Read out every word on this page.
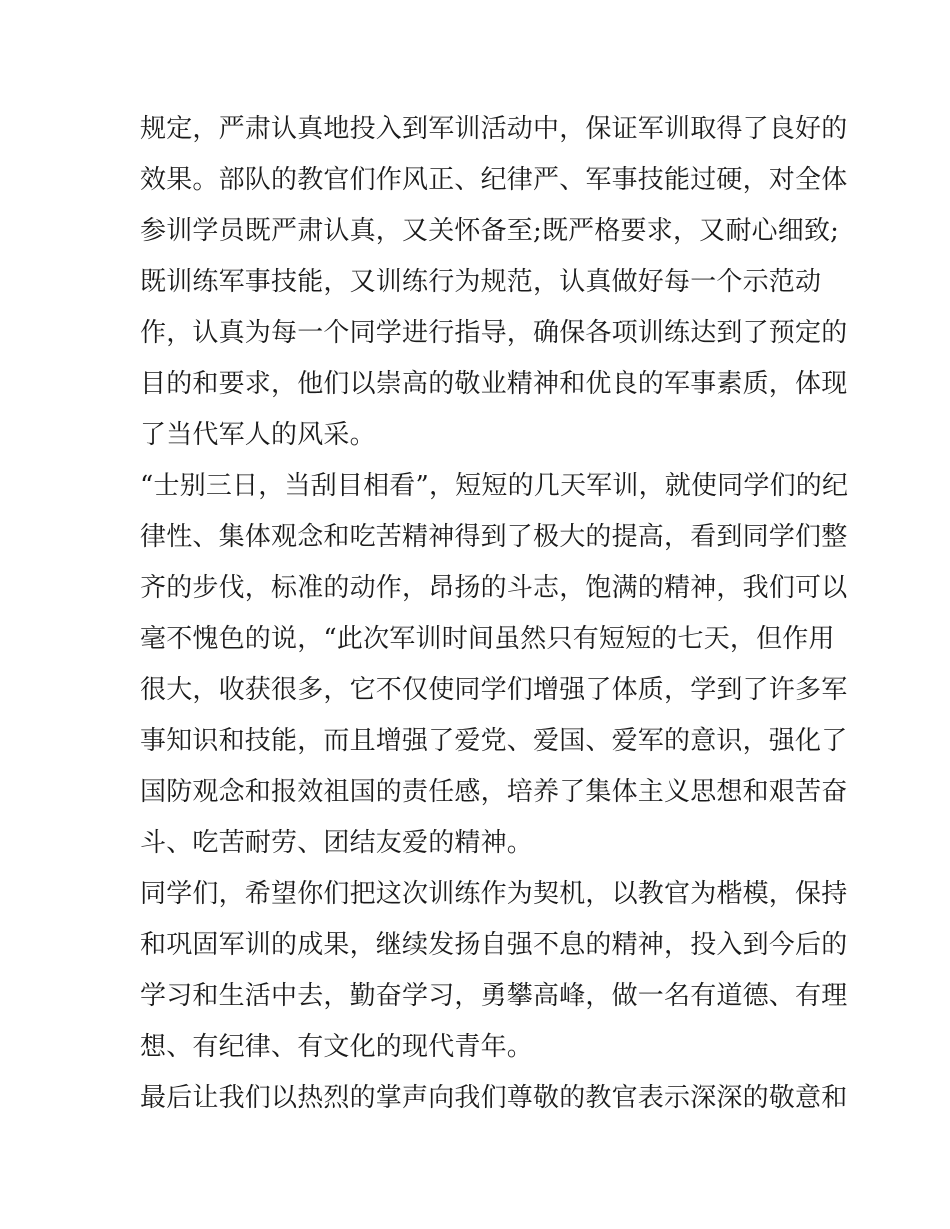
规定，严肃认真地投入到军训活动中，保证军训取得了良好的
效果。部队的教官们作风正、纪律严、军事技能过硬，对全体
参训学员既严肃认真，又关怀备至;既严格要求，又耐心细致;
既训练军事技能，又训练行为规范，认真做好每一个示范动
作，认真为每一个同学进行指导，确保各项训练达到了预定的
目的和要求，他们以崇高的敬业精神和优良的军事素质，体现
了当代军人的风采。
“士别三日，当刮目相看”，短短的几天军训，就使同学们的纪
律性、集体观念和吃苦精神得到了极大的提高，看到同学们整
齐的步伐，标准的动作，昂扬的斗志，饱满的精神，我们可以
毫不愧色的说，“此次军训时间虽然只有短短的七天，但作用
很大，收获很多，它不仅使同学们增强了体质，学到了许多军
事知识和技能，而且增强了爱党、爱国、爱军的意识，强化了
国防观念和报效祖国的责任感，培养了集体主义思想和艰苦奋
斗、吃苦耐劳、团结友爱的精神。
同学们，希望你们把这次训练作为契机，以教官为楷模，保持
和巩固军训的成果，继续发扬自强不息的精神，投入到今后的
学习和生活中去，勤奋学习，勇攀高峰，做一名有道德、有理
想、有纪律、有文化的现代青年。
最后让我们以热烈的掌声向我们尊敬的教官表示深深的敬意和
